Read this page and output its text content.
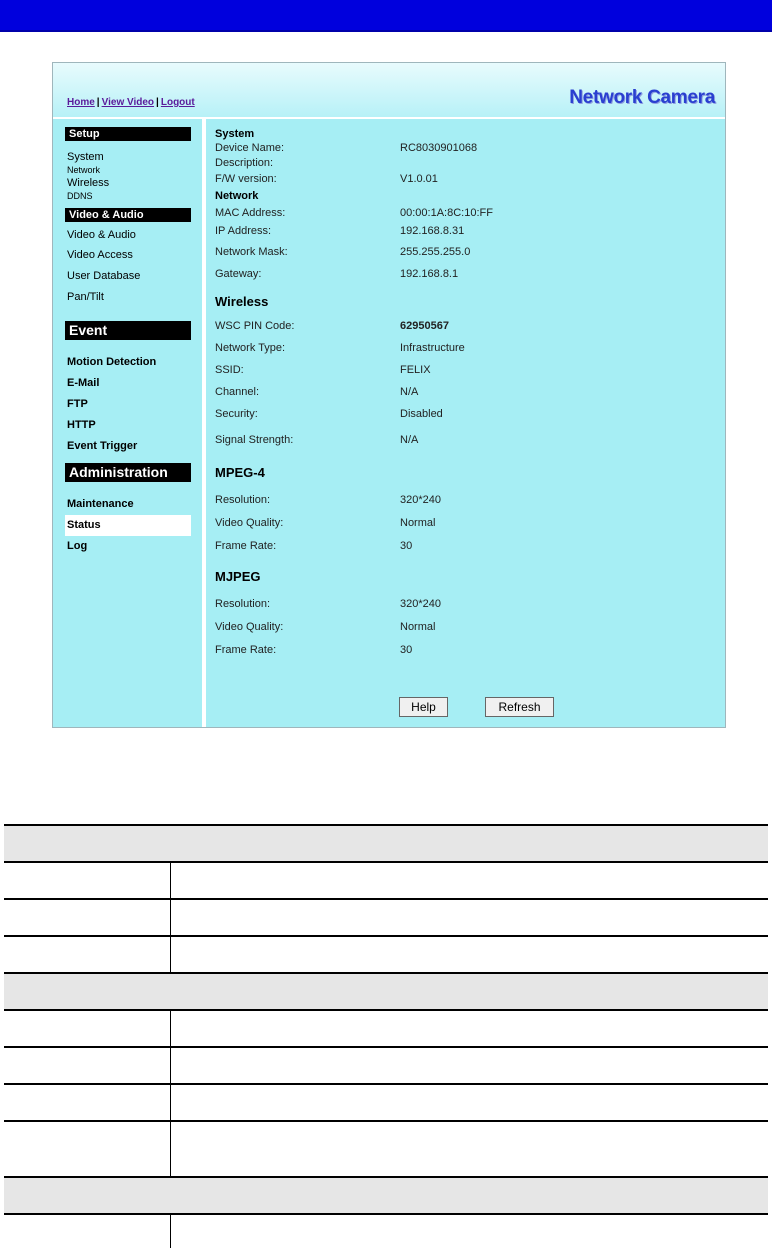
Home | View Video | Logout	Network Camera
Setup
System
Network
Wireless
DDNS
Video & Audio
Video & Audio
Video Access
User Database
Pan/Tilt
Event
Motion Detection
E-Mail
FTP
HTTP
Event Trigger
Administration
Maintenance
Status
Log
System
Device Name:	RC8030901068
Description:
F/W version:	V1.0.01
Network
MAC Address:	00:00:1A:8C:10:FF
IP Address:	192.168.8.31
Network Mask:	255.255.255.0
Gateway:	192.168.8.1
Wireless
WSC PIN Code:	62950567
Network Type:	Infrastructure
SSID:	FELIX
Channel:	N/A
Security:	Disabled
Signal Strength:	N/A
MPEG-4
Resolution:	320*240
Video Quality:	Normal
Frame Rate:	30
MJPEG
Resolution:	320*240
Video Quality:	Normal
Frame Rate:	30
Help	Refresh
